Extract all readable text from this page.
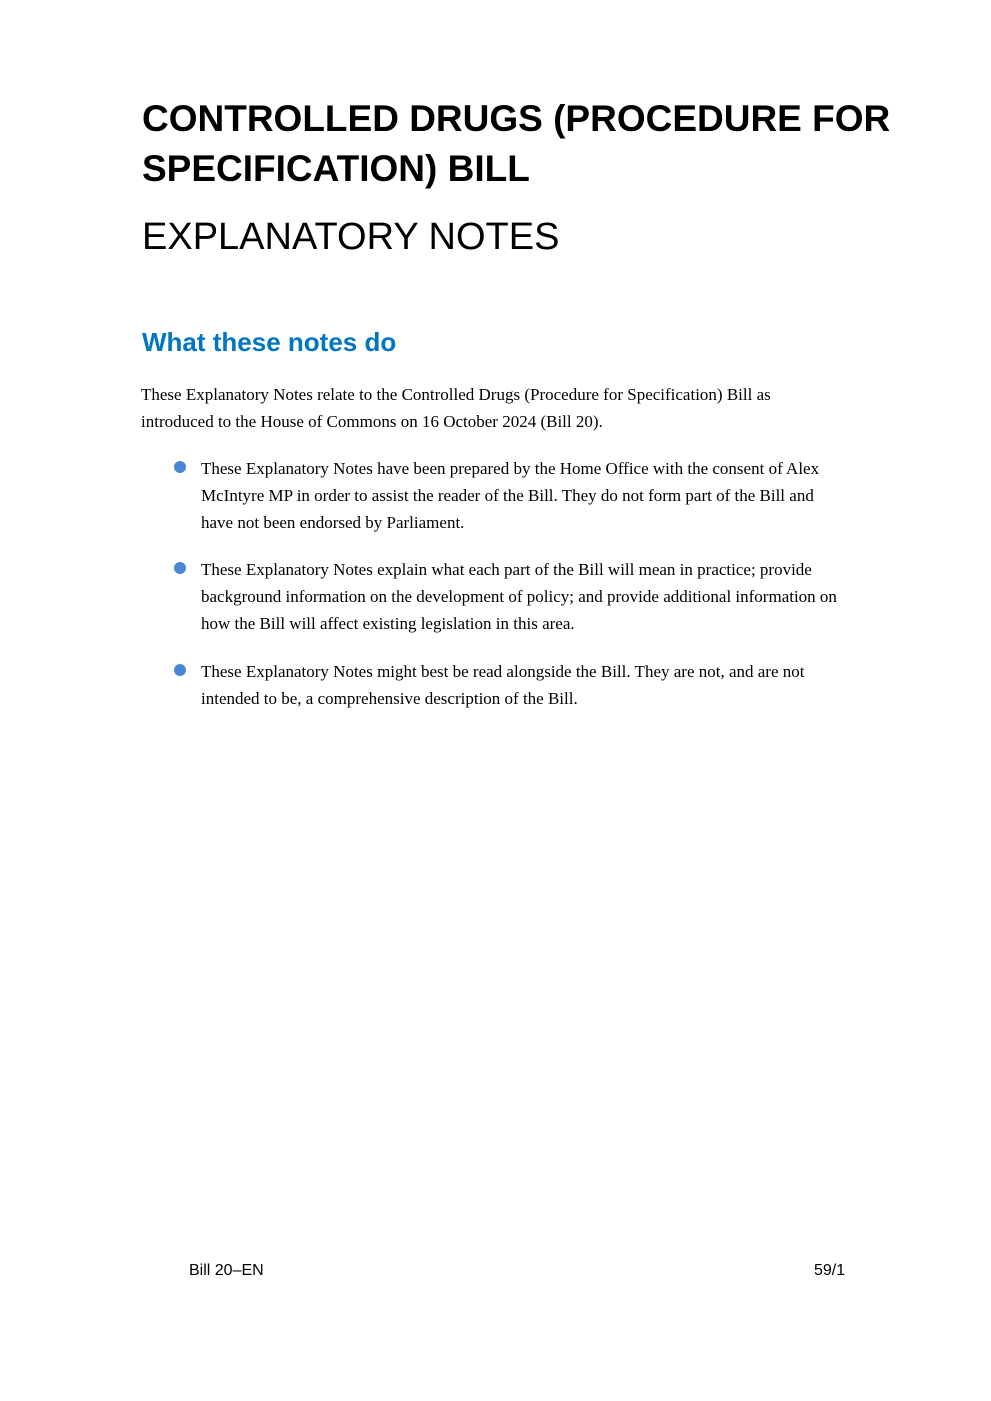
CONTROLLED DRUGS (PROCEDURE FOR
SPECIFICATION) BILL
EXPLANATORY NOTES
What these notes do

These Explanatory Notes relate to the Controlled Drugs (Procedure for Specification) Bill as
introduced to the House of Commons on 16 October 2024 (Bill 20).

These Explanatory Notes have been prepared by the Home Office with the consent of Alex
McIntyre MP in order to assist the reader of the Bill. They do not form part of the Bill and
have not been endorsed by Parliament.

These Explanatory Notes explain what each part of the Bill will mean in practice; provide
background information on the development of policy; and provide additional information on
how the Bill will affect existing legislation in this area.

These Explanatory Notes might best be read alongside the Bill. They are not, and are not
intended to be, a comprehensive description of the Bill.

Bill 20–EN	59/1
